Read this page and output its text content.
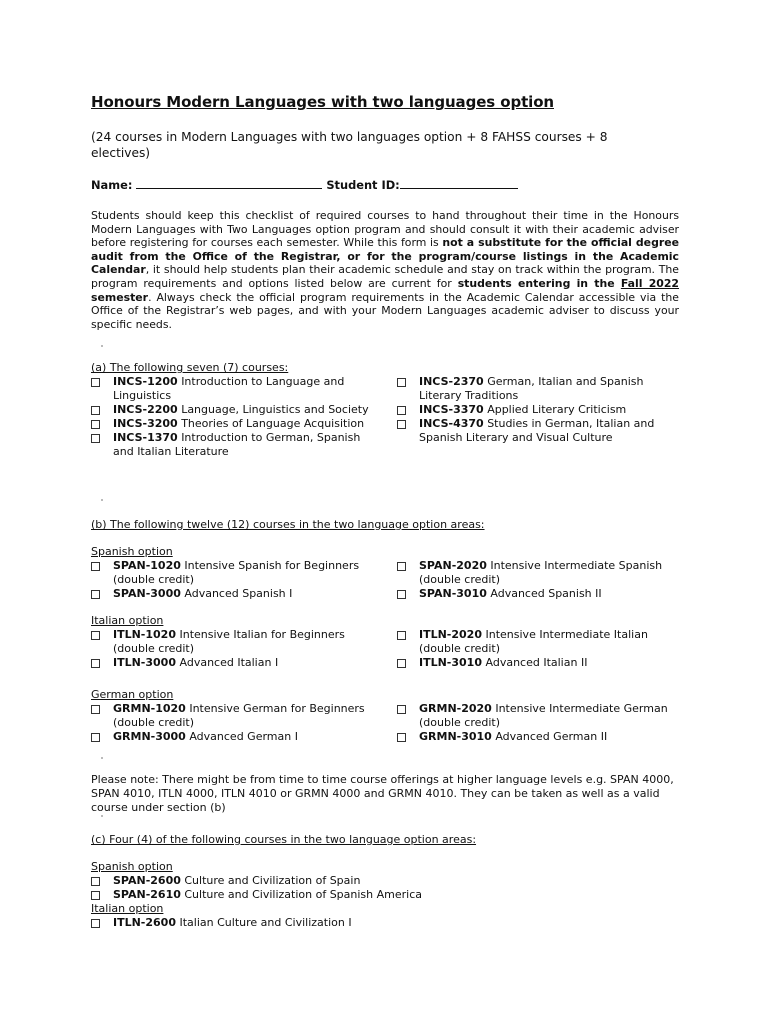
Honours Modern Languages with two languages option
(24 courses in Modern Languages with two languages option + 8 FAHSS courses + 8 electives)
Name:	Student ID:
Students should keep this checklist of required courses to hand throughout their time in the Honours Modern Languages with Two Languages option program and should consult it with their academic adviser before registering for courses each semester. While this form is not a substitute for the official degree audit from the Office of the Registrar, or for the program/course listings in the Academic Calendar, it should help students plan their academic schedule and stay on track within the program. The program requirements and options listed below are current for students entering in the Fall 2022 semester. Always check the official program requirements in the Academic Calendar accessible via the Office of the Registrar’s web pages, and with your Modern Languages academic adviser to discuss your specific needs.
(a) The following seven (7) courses:
INCS-1200 Introduction to Language and Linguistics
INCS-2200 Language, Linguistics and Society
INCS-3200 Theories of Language Acquisition
INCS-1370 Introduction to German, Spanish and Italian Literature
INCS-2370 German, Italian and Spanish Literary Traditions
INCS-3370 Applied Literary Criticism
INCS-4370 Studies in German, Italian and Spanish Literary and Visual Culture
(b) The following twelve (12) courses in the two language option areas:
Spanish option
SPAN-1020 Intensive Spanish for Beginners (double credit)
SPAN-3000 Advanced Spanish I
SPAN-2020 Intensive Intermediate Spanish (double credit)
SPAN-3010 Advanced Spanish II
Italian option
ITLN-1020 Intensive Italian for Beginners (double credit)
ITLN-3000 Advanced Italian I
ITLN-2020 Intensive Intermediate Italian (double credit)
ITLN-3010 Advanced Italian II
German option
GRMN-1020 Intensive German for Beginners (double credit)
GRMN-3000 Advanced German I
GRMN-2020 Intensive Intermediate German (double credit)
GRMN-3010 Advanced German II
Please note: There might be from time to time course offerings at higher language levels e.g. SPAN 4000, SPAN 4010, ITLN 4000, ITLN 4010 or GRMN 4000 and GRMN 4010. They can be taken as well as a valid course under section (b)
(c) Four (4) of the following courses in the two language option areas:
Spanish option
SPAN-2600 Culture and Civilization of Spain
SPAN-2610 Culture and Civilization of Spanish America
Italian option
ITLN-2600 Italian Culture and Civilization I
